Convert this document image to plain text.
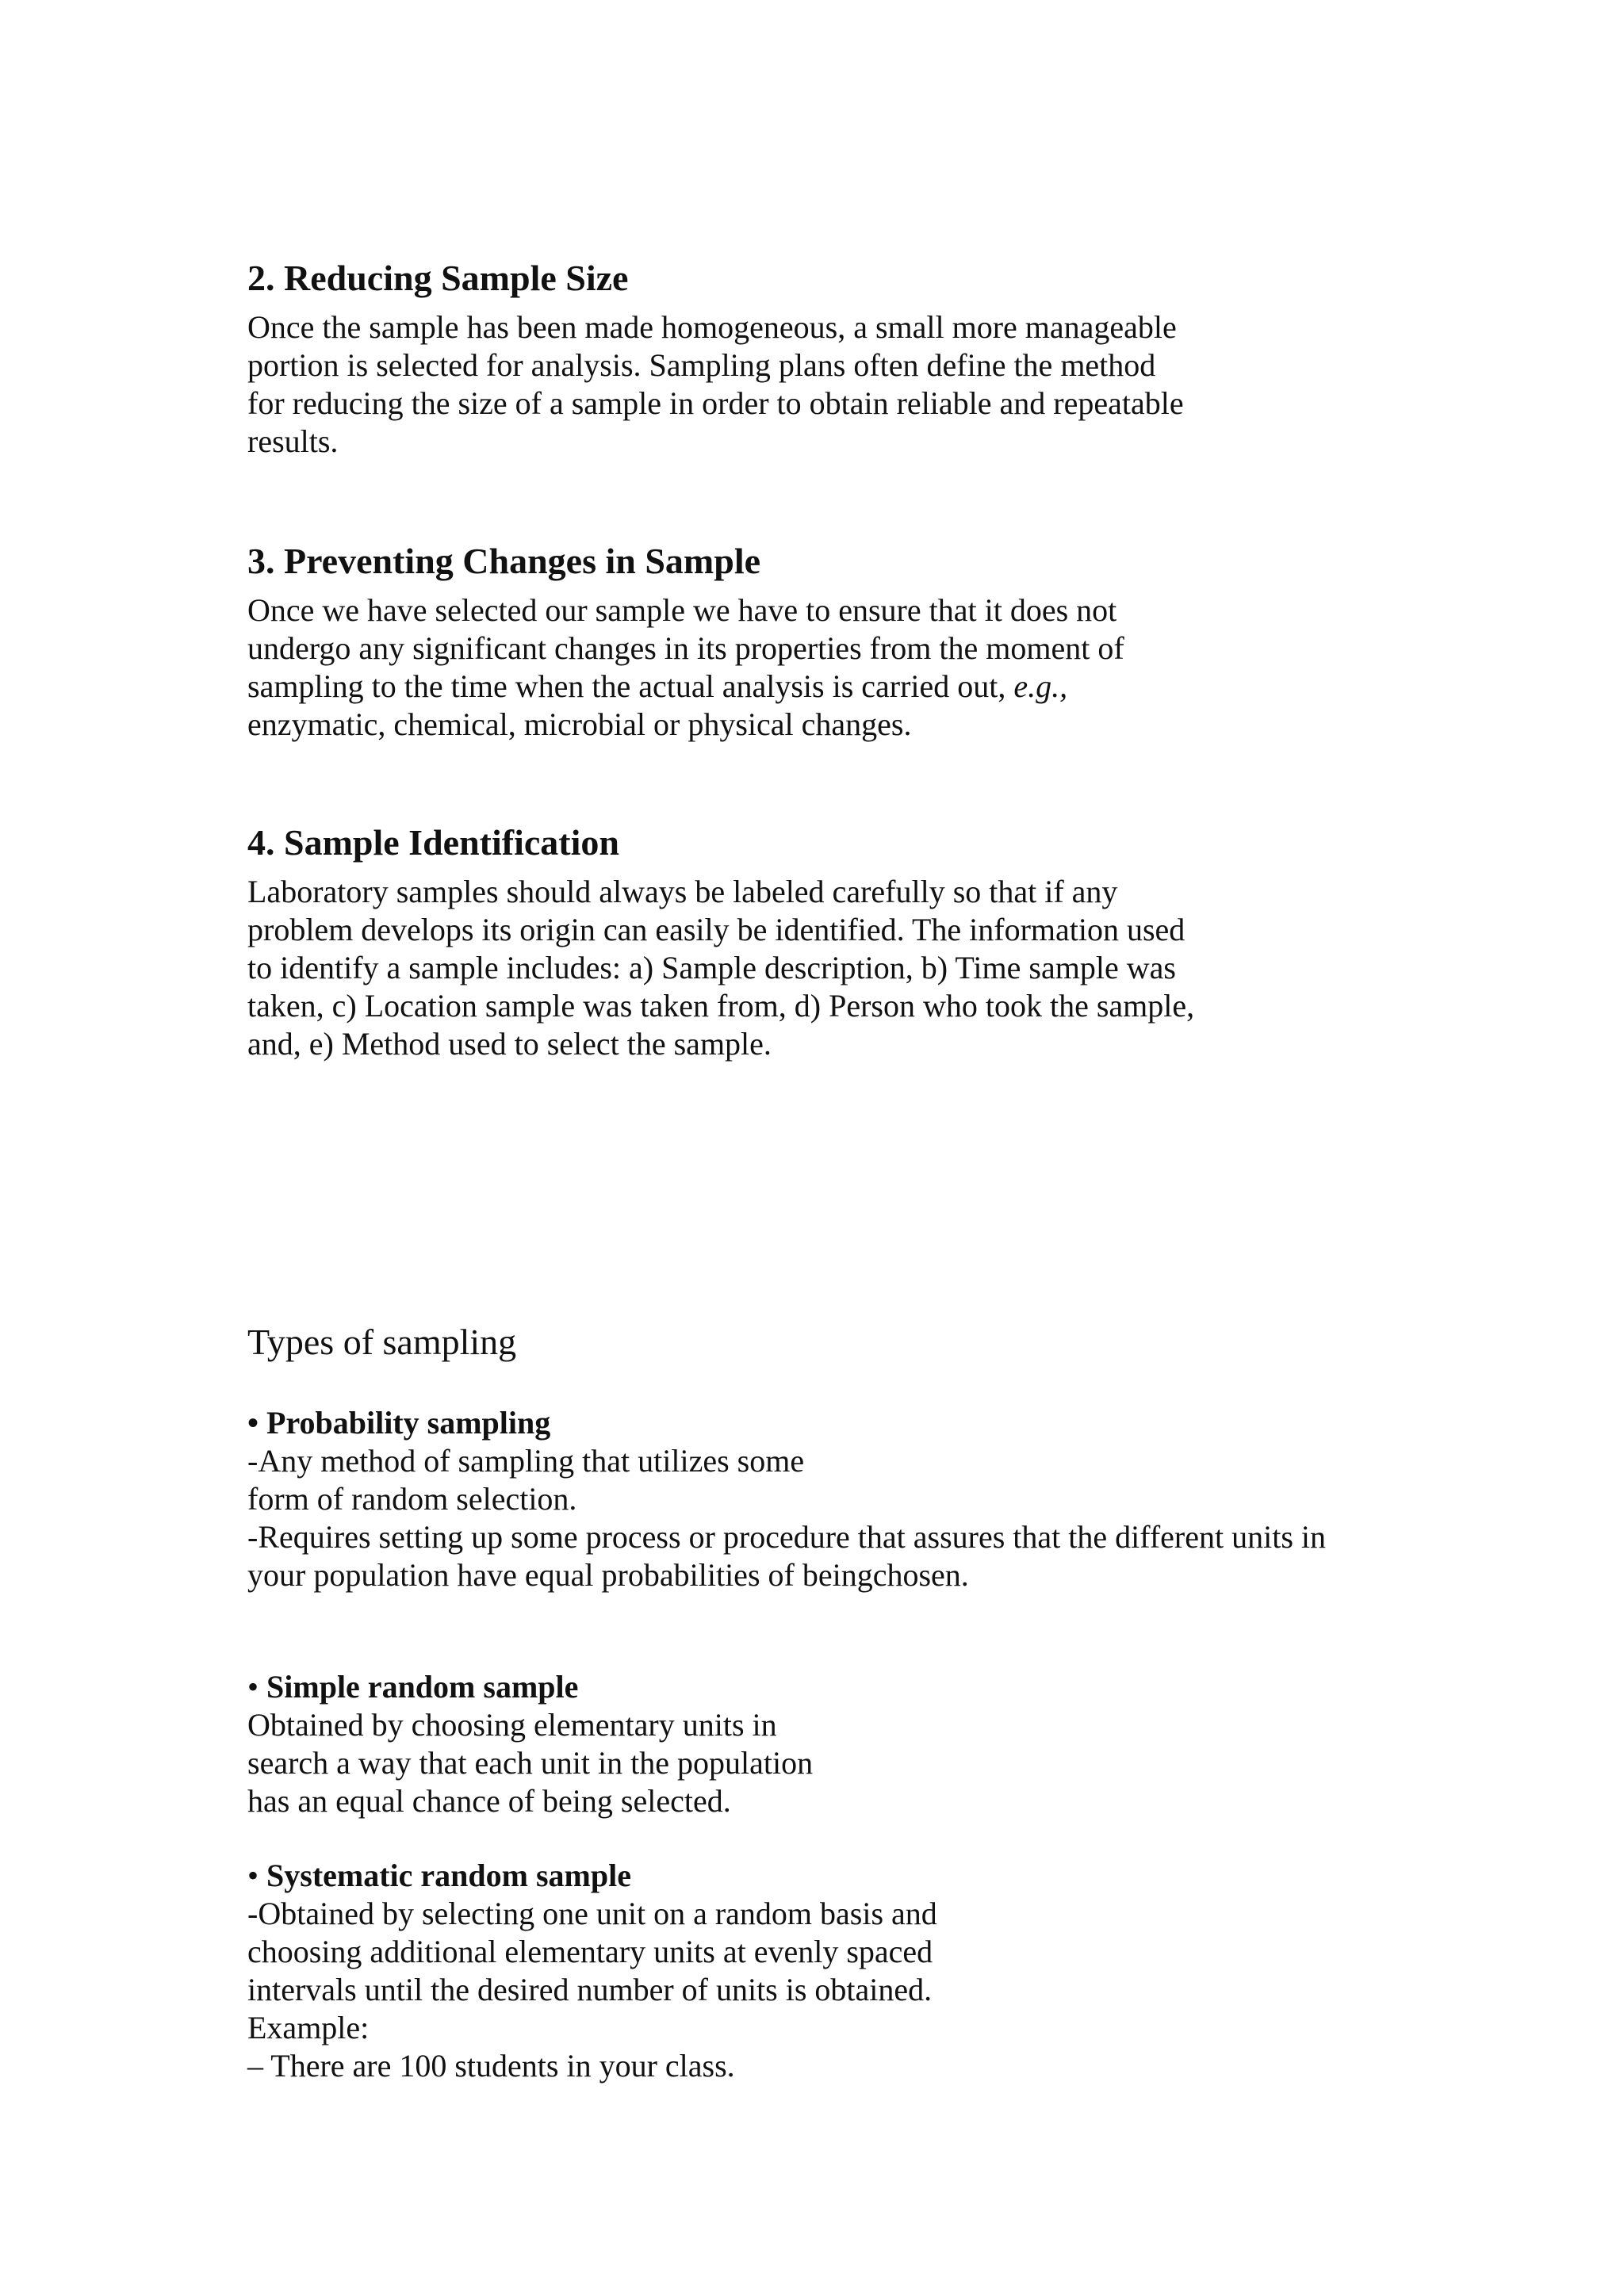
2. Reducing Sample Size

Once the sample has been made homogeneous, a small more manageable
portion is selected for analysis. Sampling plans often define the method
for reducing the size of a sample in order to obtain reliable and repeatable
results.

3. Preventing Changes in Sample

Once we have selected our sample we have to ensure that it does not
undergo any significant changes in its properties from the moment of
sampling to the time when the actual analysis is carried out, e.g.,
enzymatic, chemical, microbial or physical changes.

4. Sample Identification

Laboratory samples should always be labeled carefully so that if any
problem develops its origin can easily be identified. The information used
to identify a sample includes: a) Sample description, b) Time sample was
taken, c) Location sample was taken from, d) Person who took the sample,
and, e) Method used to select the sample.

Types of sampling

• Probability sampling
-Any method of sampling that utilizes some
form of random selection.
-Requires setting up some process or procedure that assures that the different units in
your population have equal probabilities of beingchosen.

• Simple random sample
Obtained by choosing elementary units in
search a way that each unit in the population
has an equal chance of being selected.

• Systematic random sample
-Obtained by selecting one unit on a random basis and
choosing additional elementary units at evenly spaced
intervals until the desired number of units is obtained.
Example:
– There are 100 students in your class.
